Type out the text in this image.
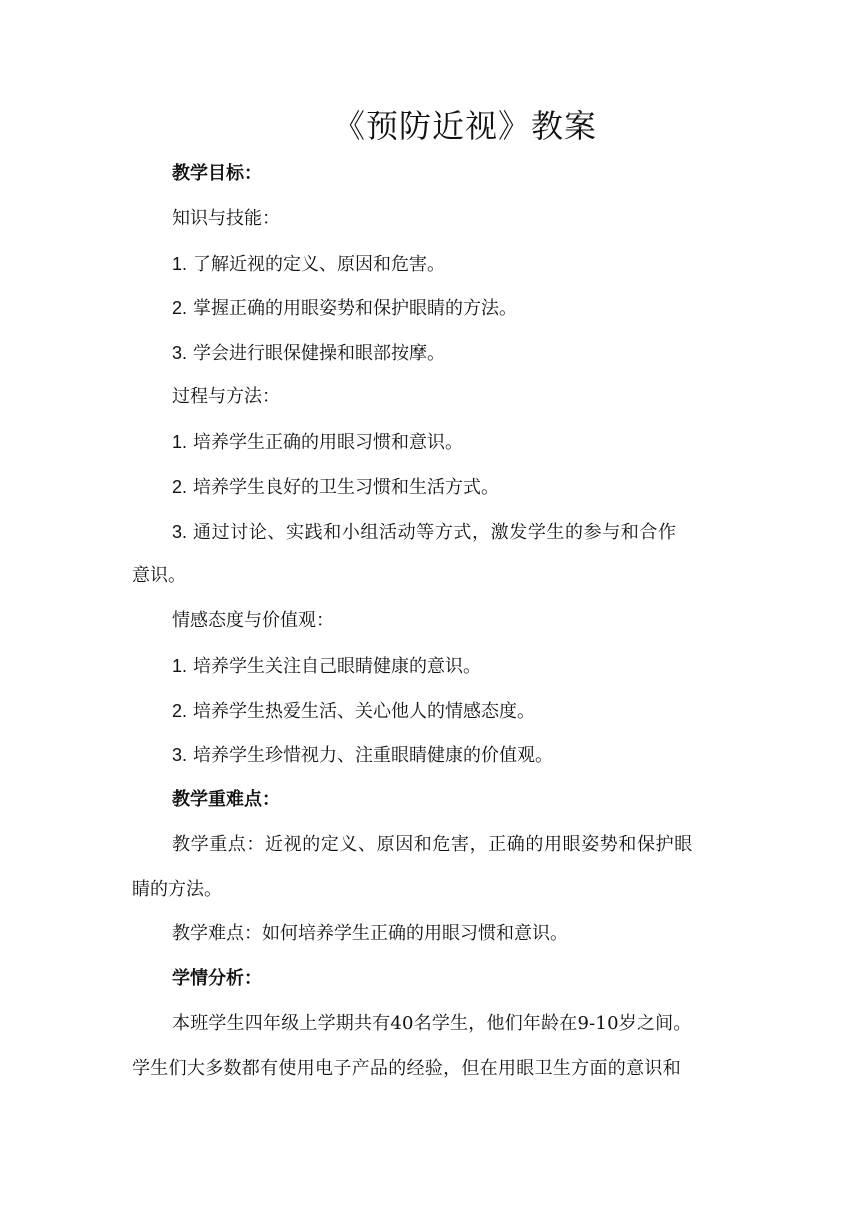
《预防近视》教案
教学目标：
知识与技能：
1. 了解近视的定义、原因和危害。
2. 掌握正确的用眼姿势和保护眼睛的方法。
3. 学会进行眼保健操和眼部按摩。
过程与方法：
1. 培养学生正确的用眼习惯和意识。
2. 培养学生良好的卫生习惯和生活方式。
3. 通过讨论、实践和小组活动等方式，激发学生的参与和合作
意识。
情感态度与价值观：
1. 培养学生关注自己眼睛健康的意识。
2. 培养学生热爱生活、关心他人的情感态度。
3. 培养学生珍惜视力、注重眼睛健康的价值观。
教学重难点：
教学重点：近视的定义、原因和危害，正确的用眼姿势和保护眼
睛的方法。
教学难点：如何培养学生正确的用眼习惯和意识。
学情分析：
本班学生四年级上学期共有40名学生，他们年龄在9-10岁之间。
学生们大多数都有使用电子产品的经验，但在用眼卫生方面的意识和
